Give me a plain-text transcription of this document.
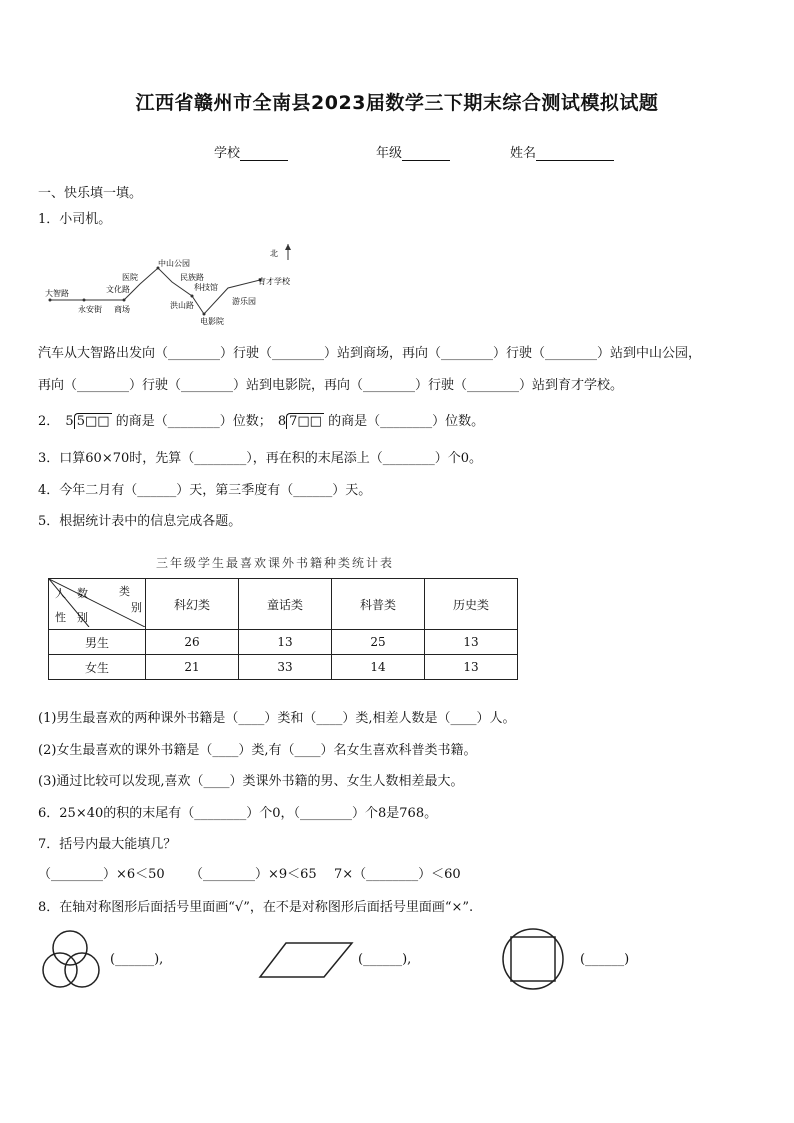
江西省赣州市全南县2023届数学三下期末综合测试模拟试题
学校	年级	姓名
一、快乐填一填。
1．小司机。
北
大智路
永安街 商场
文化路
医院
中山公园
民族路
科技馆
洪山路
电影院
游乐园
育才学校
汽车从大智路出发向（________）行驶（________）站到商场，再向（________）行驶（________）站到中山公园，
再向（________）行驶（________）站到电影院，再向（________）行驶（________）站到育才学校。
2． 5 5□□ 的商是（________）位数； 8 7□□ 的商是（________）位数。
3．口算60×70时，先算（________），再在积的末尾添上（________）个0。
4．今年二月有（______）天，第三季度有（______）天。
5．根据统计表中的信息完成各题。
三年级学生最喜欢课外书籍种类统计表
类
别
人　数
性　别	科幻类	童话类	科普类	历史类
男生	26	13	25	13
女生	21	33	14	13
(1)男生最喜欢的两种课外书籍是（____）类和（____）类,相差人数是（____）人。
(2)女生最喜欢的课外书籍是（____）类,有（____）名女生喜欢科普类书籍。
(3)通过比较可以发现,喜欢（____）类课外书籍的男、女生人数相差最大。
6．25×40的积的末尾有（________）个0，（________）个8是768。
7．括号内最大能填几？
（________）×6＜50 （________）×9＜65 7×（________）＜60
8．在轴对称图形后面括号里面画“√”，在不是对称图形后面括号里面画“×”.
(______),	(______),	(______)
